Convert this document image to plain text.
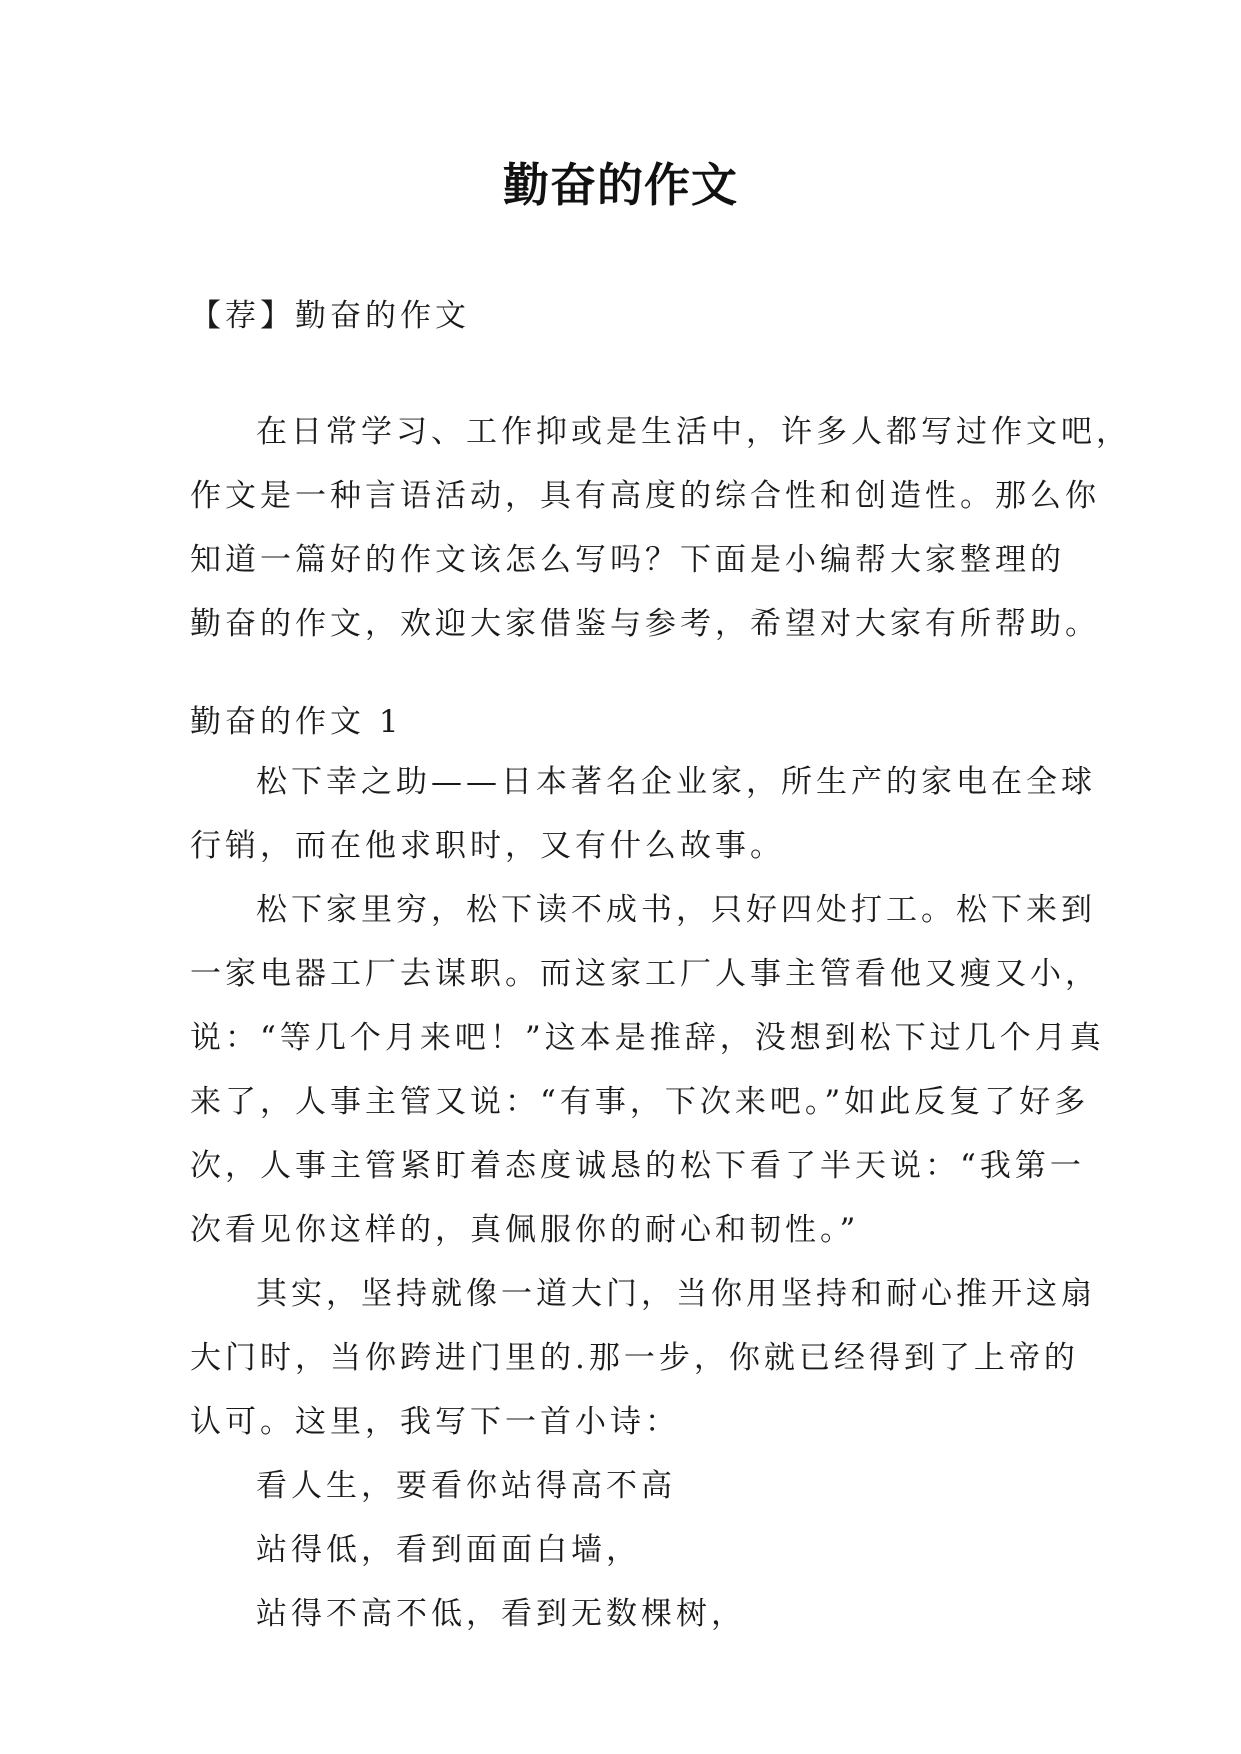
勤奋的作文
【荐】勤奋的作文
在日常学习、工作抑或是生活中，许多人都写过作文吧，
作文是一种言语活动，具有高度的综合性和创造性。那么你
知道一篇好的作文该怎么写吗？下面是小编帮大家整理的
勤奋的作文，欢迎大家借鉴与参考，希望对大家有所帮助。
勤奋的作文 1
松下幸之助——日本著名企业家，所生产的家电在全球
行销，而在他求职时，又有什么故事。
松下家里穷，松下读不成书，只好四处打工。松下来到
一家电器工厂去谋职。而这家工厂人事主管看他又瘦又小，
说：“等几个月来吧！”这本是推辞，没想到松下过几个月真
来了，人事主管又说：“有事，下次来吧。”如此反复了好多
次，人事主管紧盯着态度诚恳的松下看了半天说：“我第一
次看见你这样的，真佩服你的耐心和韧性。”
其实，坚持就像一道大门，当你用坚持和耐心推开这扇
大门时，当你跨进门里的.那一步，你就已经得到了上帝的
认可。这里，我写下一首小诗：
看人生，要看你站得高不高
站得低，看到面面白墙，
站得不高不低，看到无数棵树，
